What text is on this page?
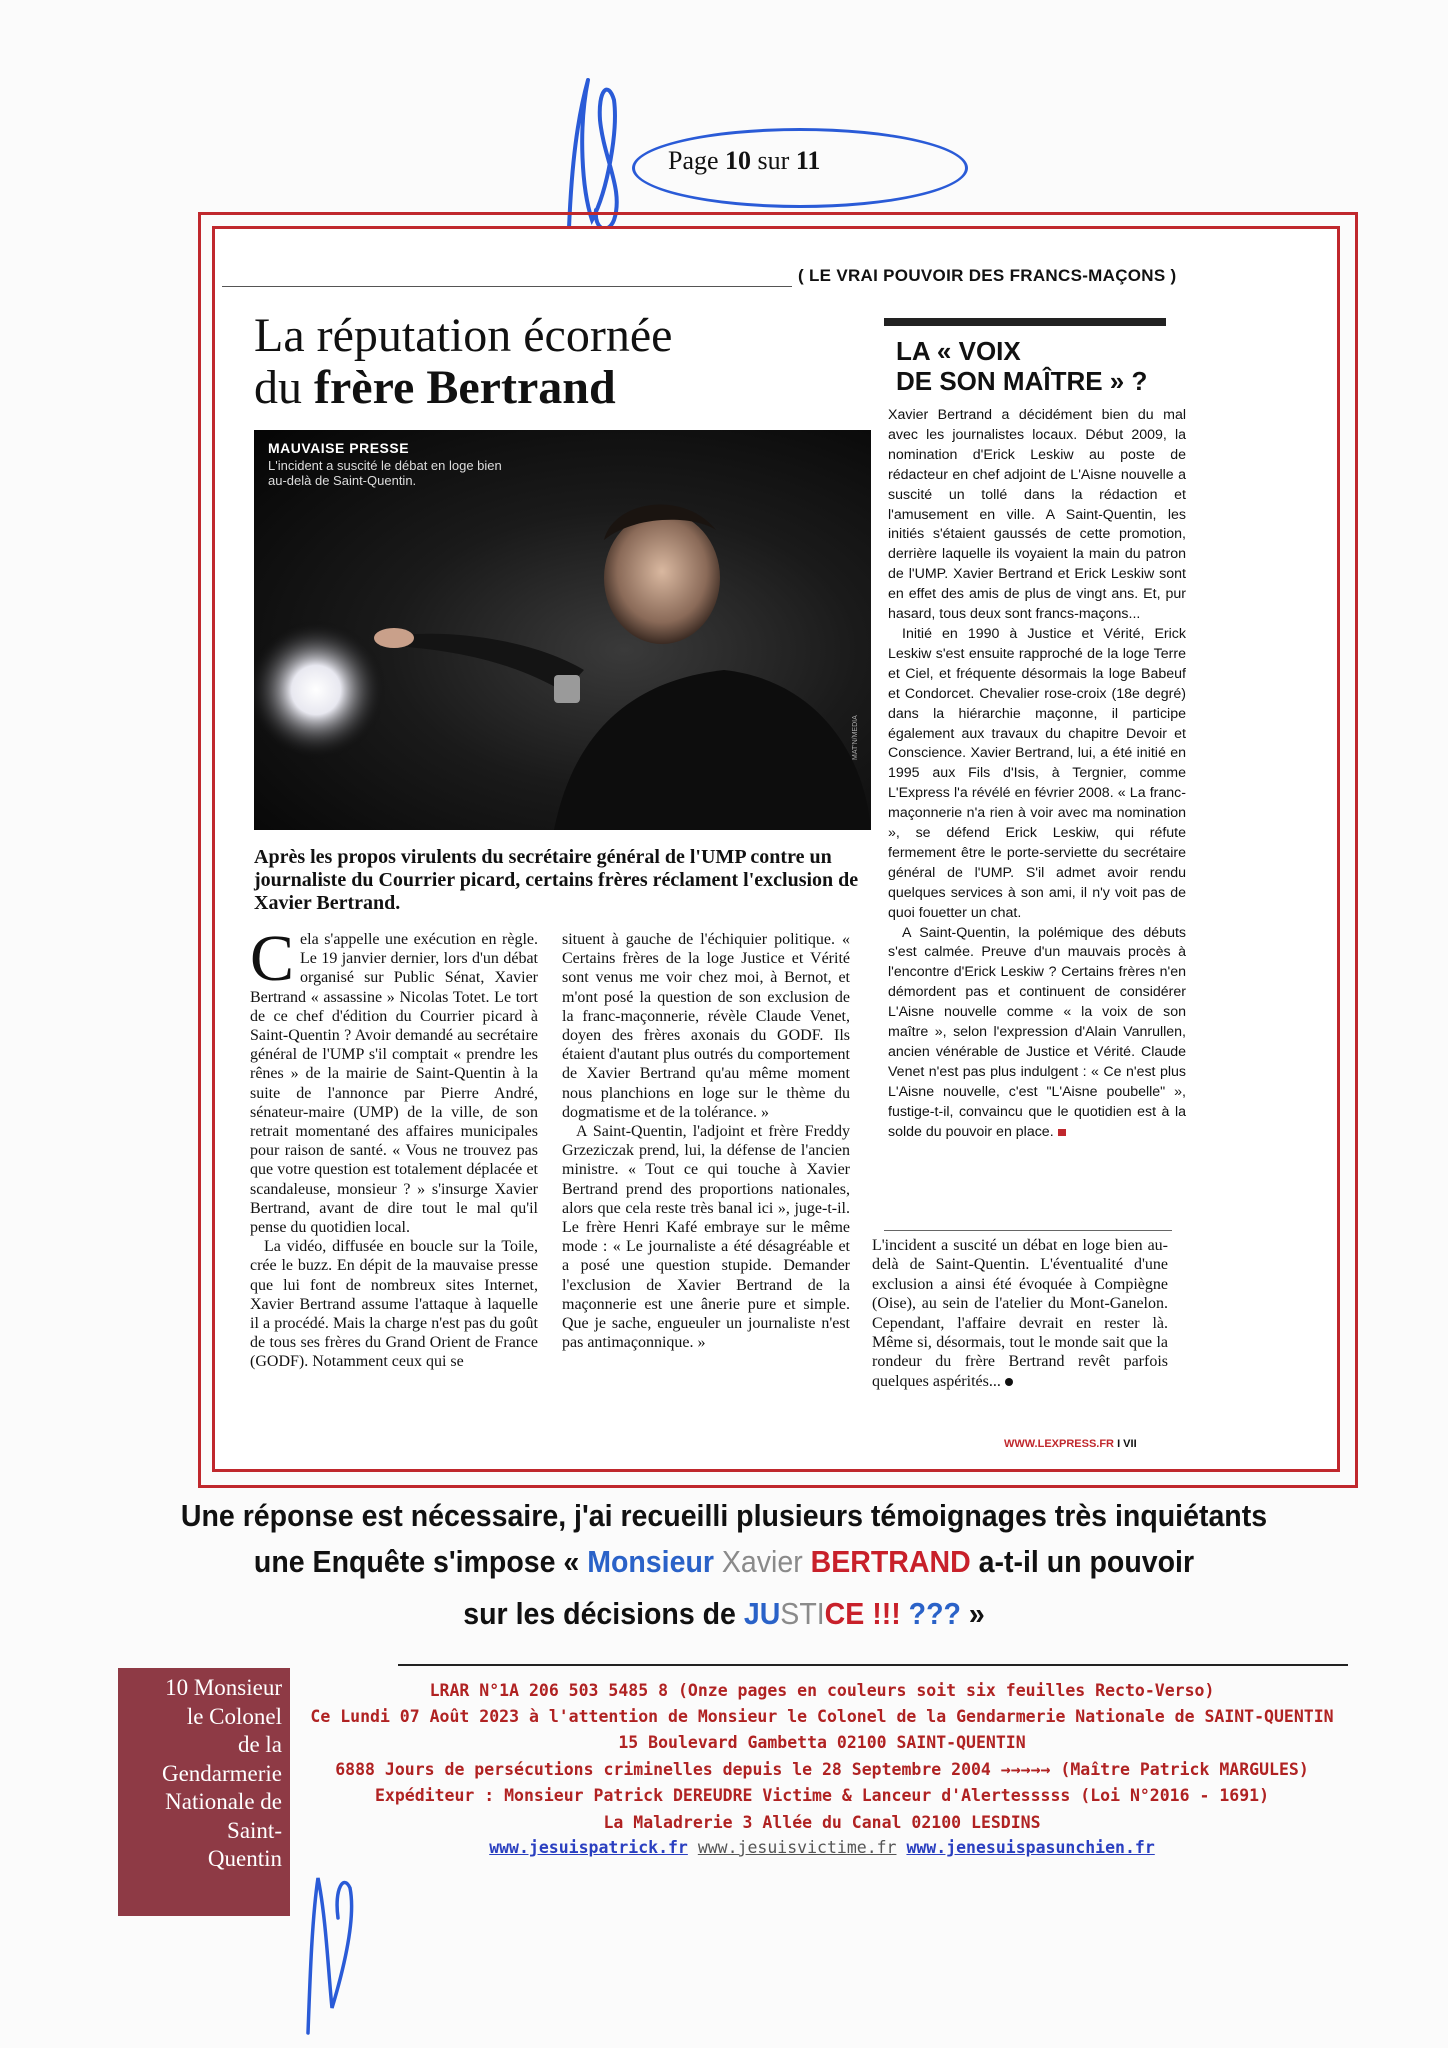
Page 10 sur 11
( LE VRAI POUVOIR DES FRANCS-MAÇONS )
La réputation écornée
du frère Bertrand
MAUVAISE PRESSE
L'incident a suscité le débat en loge bien au-delà de Saint-Quentin.
MAT'N/MEDIA
Après les propos virulents du secrétaire général de l'UMP contre un journaliste du Courrier picard, certains frères réclament l'exclusion de Xavier Bertrand.

Cela s'appelle une exécution en règle. Le 19 janvier dernier, lors d'un débat organisé sur Public Sénat, Xavier Bertrand « assassine » Nicolas Totet. Le tort de ce chef d'édition du Courrier picard à Saint-Quentin ? Avoir demandé au secrétaire général de l'UMP s'il comptait « prendre les rênes » de la mairie de Saint-Quentin à la suite de l'annonce par Pierre André, sénateur-maire (UMP) de la ville, de son retrait momentané des affaires municipales pour raison de santé. « Vous ne trouvez pas que votre question est totalement déplacée et scandaleuse, monsieur ? » s'insurge Xavier Bertrand, avant de dire tout le mal qu'il pense du quotidien local.

La vidéo, diffusée en boucle sur la Toile, crée le buzz. En dépit de la mauvaise presse que lui font de nombreux sites Internet, Xavier Bertrand assume l'attaque à laquelle il a procédé. Mais la charge n'est pas du goût de tous ses frères du Grand Orient de France (GODF). Notamment ceux qui se

situent à gauche de l'échiquier politique. « Certains frères de la loge Justice et Vérité sont venus me voir chez moi, à Bernot, et m'ont posé la question de son exclusion de la franc-maçonnerie, révèle Claude Venet, doyen des frères axonais du GODF. Ils étaient d'autant plus outrés du comportement de Xavier Bertrand qu'au même moment nous planchions en loge sur le thème du dogmatisme et de la tolérance. »

A Saint-Quentin, l'adjoint et frère Freddy Grzeziczak prend, lui, la défense de l'ancien ministre. « Tout ce qui touche à Xavier Bertrand prend des proportions nationales, alors que cela reste très banal ici », juge-t-il. Le frère Henri Kafé embraye sur le même mode : « Le journaliste a été désagréable et a posé une question stupide. Demander l'exclusion de Xavier Bertrand de la maçonnerie est une ânerie pure et simple. Que je sache, engueuler un journaliste n'est pas antimaçonnique. »

LA « VOIX
DE SON MAÎTRE » ?

Xavier Bertrand a décidément bien du mal avec les journalistes locaux. Début 2009, la nomination d'Erick Leskiw au poste de rédacteur en chef adjoint de L'Aisne nouvelle a suscité un tollé dans la rédaction et l'amusement en ville. A Saint-Quentin, les initiés s'étaient gaussés de cette promotion, derrière laquelle ils voyaient la main du patron de l'UMP. Xavier Bertrand et Erick Leskiw sont en effet des amis de plus de vingt ans. Et, pur hasard, tous deux sont francs-maçons...

Initié en 1990 à Justice et Vérité, Erick Leskiw s'est ensuite rapproché de la loge Terre et Ciel, et fréquente désormais la loge Babeuf et Condorcet. Chevalier rose-croix (18e degré) dans la hiérarchie maçonne, il participe également aux travaux du chapitre Devoir et Conscience. Xavier Bertrand, lui, a été initié en 1995 aux Fils d'Isis, à Tergnier, comme L'Express l'a révélé en février 2008. « La franc-maçonnerie n'a rien à voir avec ma nomination », se défend Erick Leskiw, qui réfute fermement être le porte-serviette du secrétaire général de l'UMP. S'il admet avoir rendu quelques services à son ami, il n'y voit pas de quoi fouetter un chat.

A Saint-Quentin, la polémique des débuts s'est calmée. Preuve d'un mauvais procès à l'encontre d'Erick Leskiw ? Certains frères n'en démordent pas et continuent de considérer L'Aisne nouvelle comme « la voix de son maître », selon l'expression d'Alain Vanrullen, ancien vénérable de Justice et Vérité. Claude Venet n'est pas plus indulgent : « Ce n'est plus L'Aisne nouvelle, c'est "L'Aisne poubelle" », fustige-t-il, convaincu que le quotidien est à la solde du pouvoir en place.

L'incident a suscité un débat en loge bien au-delà de Saint-Quentin. L'éventualité d'une exclusion a ainsi été évoquée à Compiègne (Oise), au sein de l'atelier du Mont-Ganelon. Cependant, l'affaire devrait en rester là. Même si, désormais, tout le monde sait que la rondeur du frère Bertrand revêt parfois quelques aspérités...
WWW.LEXPRESS.FR I VII
Une réponse est nécessaire, j'ai recueilli plusieurs témoignages très inquiétants
une Enquête s'impose « Monsieur Xavier BERTRAND a-t-il un pouvoir
sur les décisions de JUSTICE !!! ??? »
10 Monsieur
le Colonel
de la
Gendarmerie
Nationale de
Saint-
Quentin
LRAR N°1A 206 503 5485 8 (Onze pages en couleurs soit six feuilles Recto-Verso)
Ce Lundi 07 Août 2023 à l'attention de Monsieur le Colonel de la Gendarmerie Nationale de SAINT-QUENTIN
15 Boulevard Gambetta 02100 SAINT-QUENTIN
6888 Jours de persécutions criminelles depuis le 28 Septembre 2004 →→→→→ (Maître Patrick MARGULES)
Expéditeur : Monsieur Patrick DEREUDRE Victime & Lanceur d'Alertesssss (Loi N°2016 - 1691)
La Maladrerie 3 Allée du Canal 02100 LESDINS
www.jesuispatrick.fr www.jesuisvictime.fr www.jenesuispasunchien.fr
